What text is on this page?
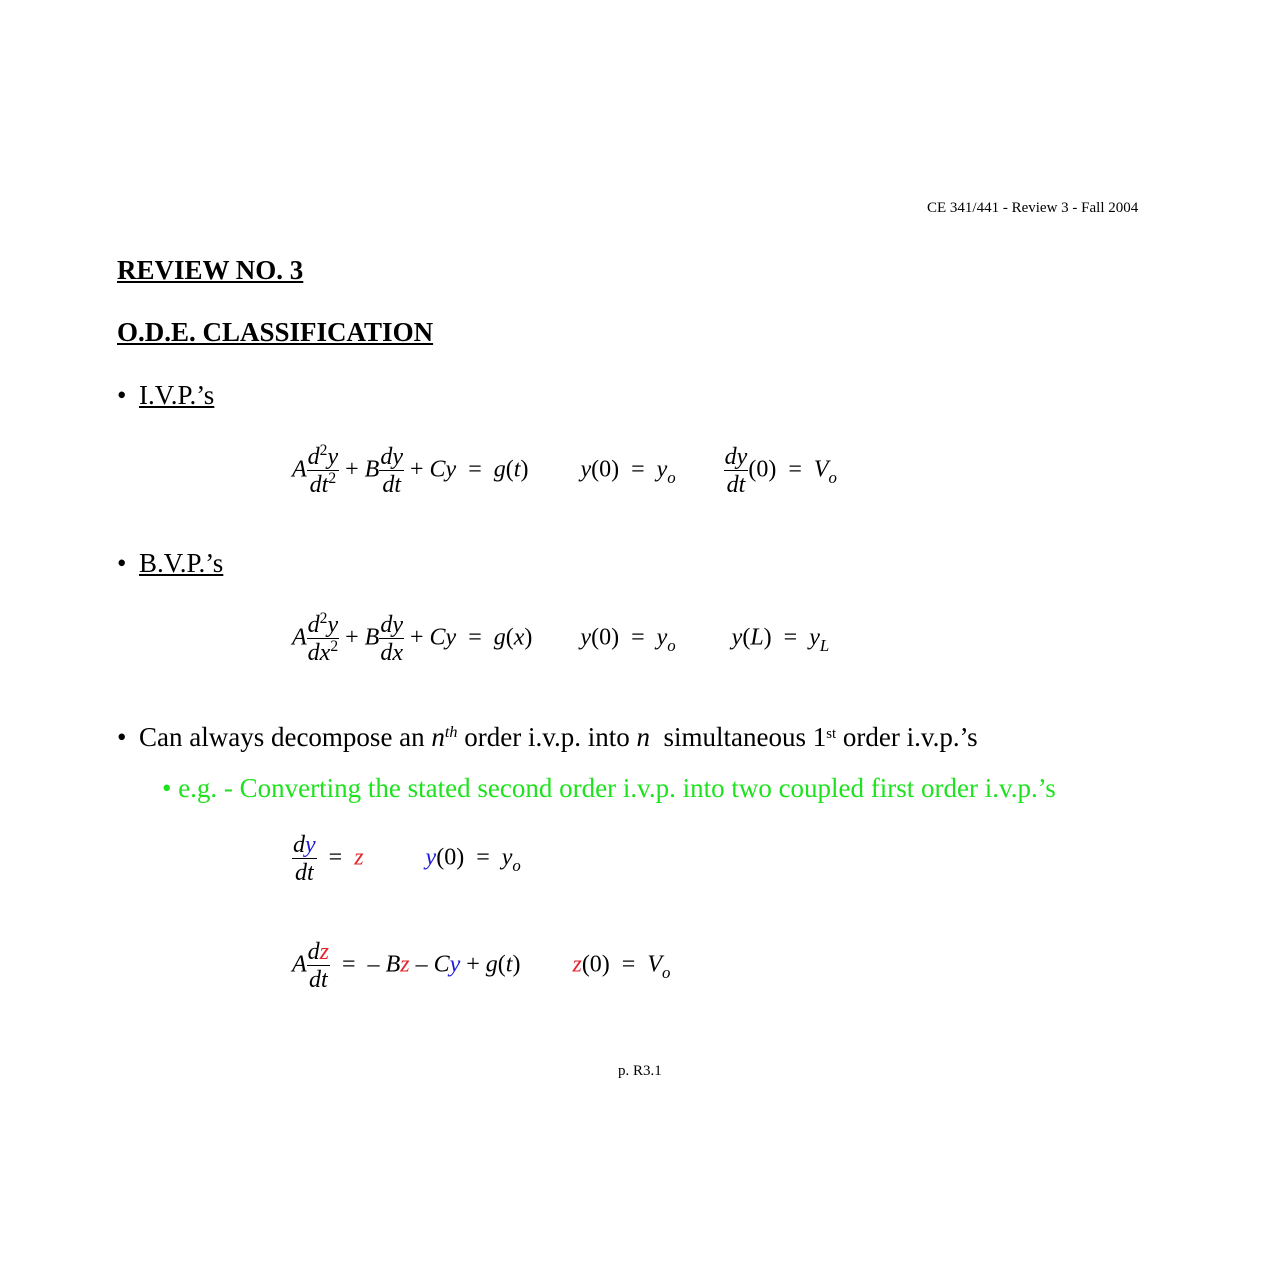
CE 341/441 - Review 3 - Fall 2004
REVIEW NO. 3
O.D.E. CLASSIFICATION
• I.V.P.’s
A $\frac{d^2y}{dt^2} + B \frac{dy}{dt} + Cy = g(t) y(0) = y_o \frac{dy}{dt} (0) = V_o$
• B.V.P.’s
A $\frac{d^2y}{dx^2} + B \frac{dy}{dx} + Cy = g(x) y(0) = y_o$ $y(L) = y_L$
• Can always decompose an $n^{th}$ order i.v.p. into n simultaneous 1st order i.v.p.’s
• e.g. - Converting the stated second order i.v.p. into two coupled first order i.v.p.’s
$\frac{dy}{dt} = z$	$y(0) = y_o$
A $\frac{dz}{dt}$ =  – Bz – Cy + g(t)  $z(0) = V_o$
p. R3.1
